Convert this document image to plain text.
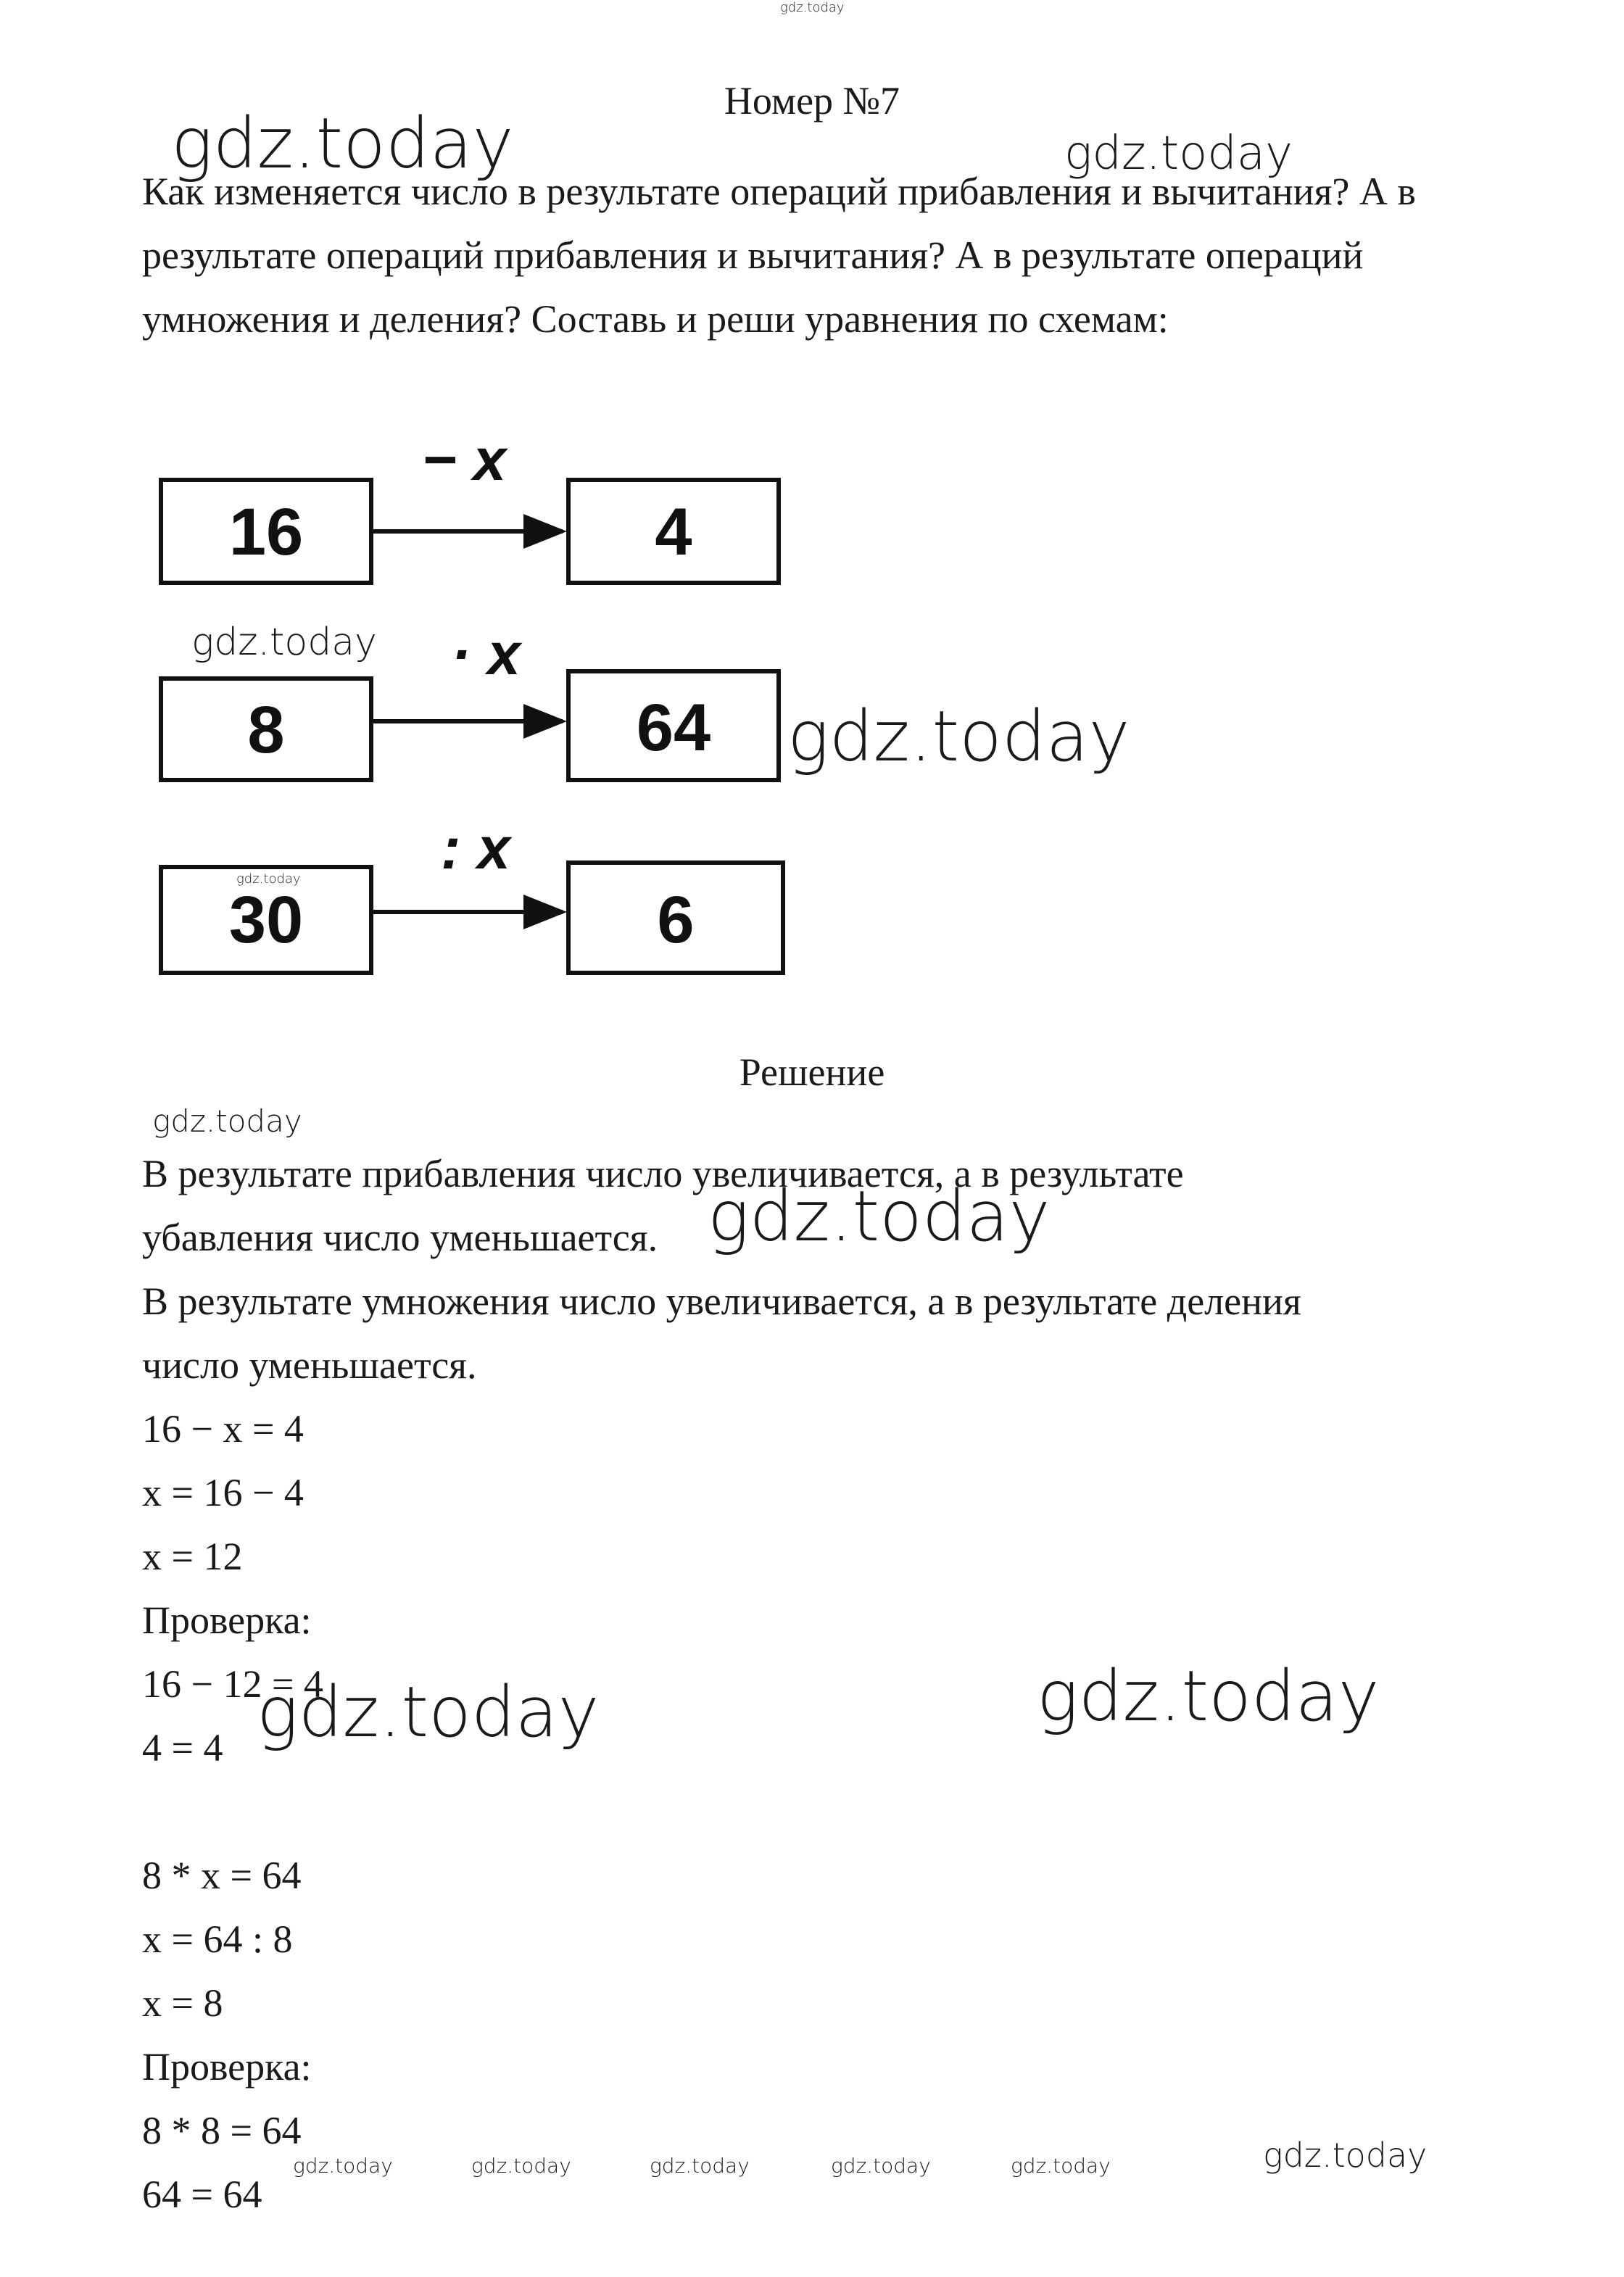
gdz.today
gdz.today	gdz.today
gdz.today
gdz.today
gdz.today
gdz.today
gdz.today
gdz.today	gdz.today
gdz.today	gdz.today	gdz.today	gdz.today	gdz.today	gdz.today
Номер №7

Как изменяется число в результате операций прибавления и вычитания? А в результате операций прибавления и вычитания? А в результате операций умножения и деления? Составь и реши уравнения по схемам:

16
− x
4
8
· x
64
30
: x
6
Решение
В результате прибавления число увеличивается, а в результате
убавления число уменьшается.
В результате умножения число увеличивается, а в результате деления
число уменьшается.
16 − x = 4
x = 16 − 4
x = 12
Проверка:
16 − 12 = 4
4 = 4
8 * x = 64
x = 64 : 8
x = 8
Проверка:
8 * 8 = 64
64 = 64
